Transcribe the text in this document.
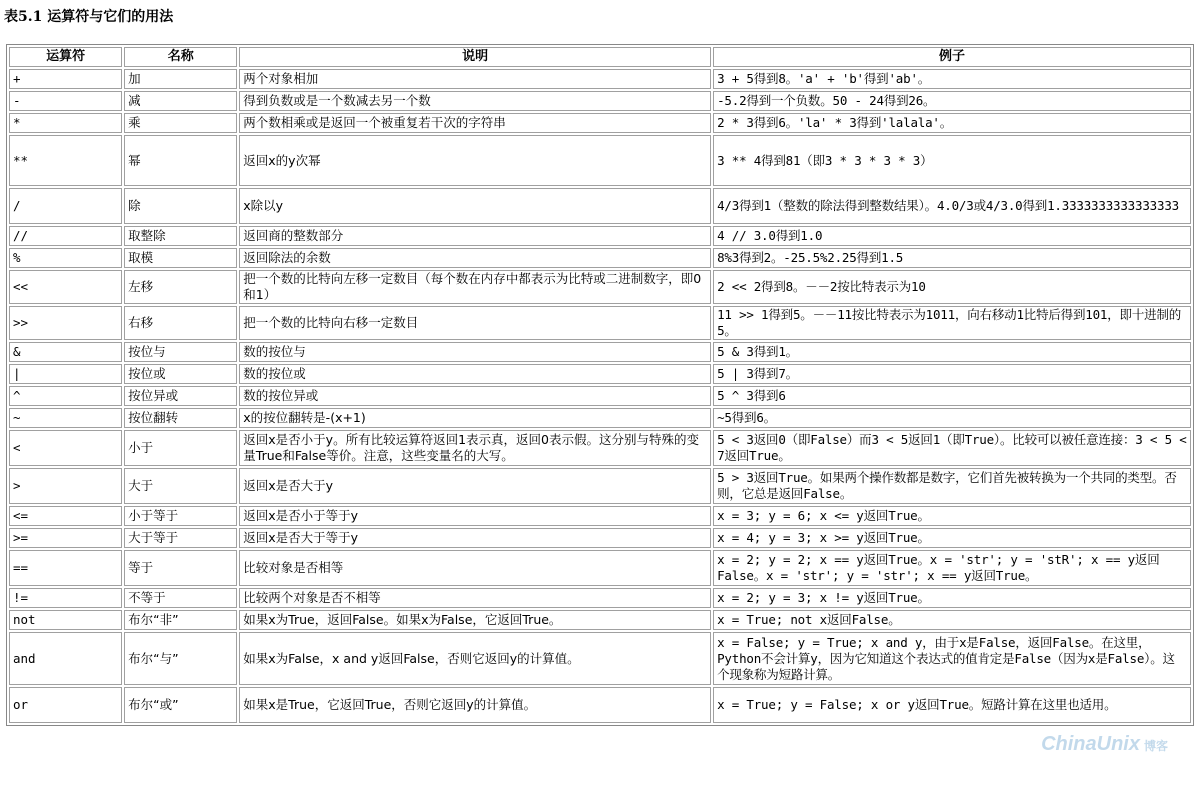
表5.1 运算符与它们的用法
运算符	名称	说明	例子
+	加	两个对象相加	3 + 5得到8。'a' + 'b'得到'ab'。
-	减	得到负数或是一个数减去另一个数	-5.2得到一个负数。50 - 24得到26。
*	乘	两个数相乘或是返回一个被重复若干次的字符串	2 * 3得到6。'la' * 3得到'lalala'。
**	幂	返回x的y次幂	3 ** 4得到81（即3 * 3 * 3 * 3）
/	除	x除以y	4/3得到1（整数的除法得到整数结果）。4.0/3或4/3.0得到1.3333333333333333
//	取整除	返回商的整数部分	4 // 3.0得到1.0
%	取模	返回除法的余数	8%3得到2。-25.5%2.25得到1.5
<<	左移	把一个数的比特向左移一定数目（每个数在内存中都表示为比特或二进制数字，即0和1）	2 << 2得到8。－－2按比特表示为10
>>	右移	把一个数的比特向右移一定数目	11 >> 1得到5。－－11按比特表示为1011，向右移动1比特后得到101，即十进制的5。
&	按位与	数的按位与	5 & 3得到1。
|	按位或	数的按位或	5 | 3得到7。
^	按位异或	数的按位异或	5 ^ 3得到6
~	按位翻转	x的按位翻转是-(x+1)	~5得到6。
<	小于	返回x是否小于y。所有比较运算符返回1表示真，返回0表示假。这分别与特殊的变量True和False等价。注意，这些变量名的大写。	5 < 3返回0（即False）而3 < 5返回1（即True）。比较可以被任意连接：3 < 5 < 7返回True。
>	大于	返回x是否大于y	5 > 3返回True。如果两个操作数都是数字，它们首先被转换为一个共同的类型。否则，它总是返回False。
<=	小于等于	返回x是否小于等于y	x = 3; y = 6; x <= y返回True。
>=	大于等于	返回x是否大于等于y	x = 4; y = 3; x >= y返回True。
==	等于	比较对象是否相等	x = 2; y = 2; x == y返回True。x = 'str'; y = 'stR'; x == y返回False。x = 'str'; y = 'str'; x == y返回True。
!=	不等于	比较两个对象是否不相等	x = 2; y = 3; x != y返回True。
not	布尔“非”	如果x为True，返回False。如果x为False，它返回True。	x = True; not x返回False。
and	布尔“与”	如果x为False，x and y返回False，否则它返回y的计算值。	x = False; y = True; x and y，由于x是False，返回False。在这里，Python不会计算y，因为它知道这个表达式的值肯定是False（因为x是False）。这个现象称为短路计算。
or	布尔“或”	如果x是True，它返回True，否则它返回y的计算值。	x = True; y = False; x or y返回True。短路计算在这里也适用。
ChinaUnix 博客
